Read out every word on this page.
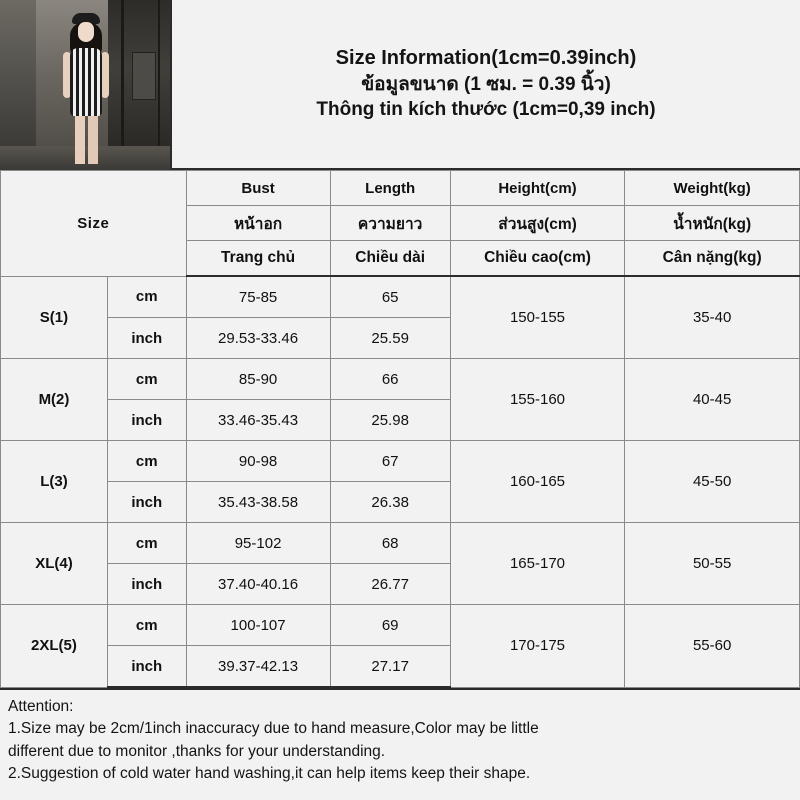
Size Information(1cm=0.39inch)
ข้อมูลขนาด (1 ซม. = 0.39 นิ้ว)
Thông tin kích thước (1cm=0,39 inch)
Size		Bust	Length	Height(cm)	Weight(kg)
		หน้าอก	ความยาว	ส่วนสูง(cm)	น้ำหนัก(kg)
		Trang chủ	Chiều dài	Chiều cao(cm)	Cân nặng(kg)
S(1)	cm	75-85	65	150-155	35-40
	inch	29.53-33.46	25.59		
M(2)	cm	85-90	66	155-160	40-45
	inch	33.46-35.43	25.98		
L(3)	cm	90-98	67	160-165	45-50
	inch	35.43-38.58	26.38		
XL(4)	cm	95-102	68	165-170	50-55
	inch	37.40-40.16	26.77		
2XL(5)	cm	100-107	69	170-175	55-60
	inch	39.37-42.13	27.17		

Attention:

1.Size may be 2cm/1inch inaccuracy due to hand measure,Color may be little

different due to monitor ,thanks for your understanding.

2.Suggestion of cold water hand washing,it can help items keep their shape.
